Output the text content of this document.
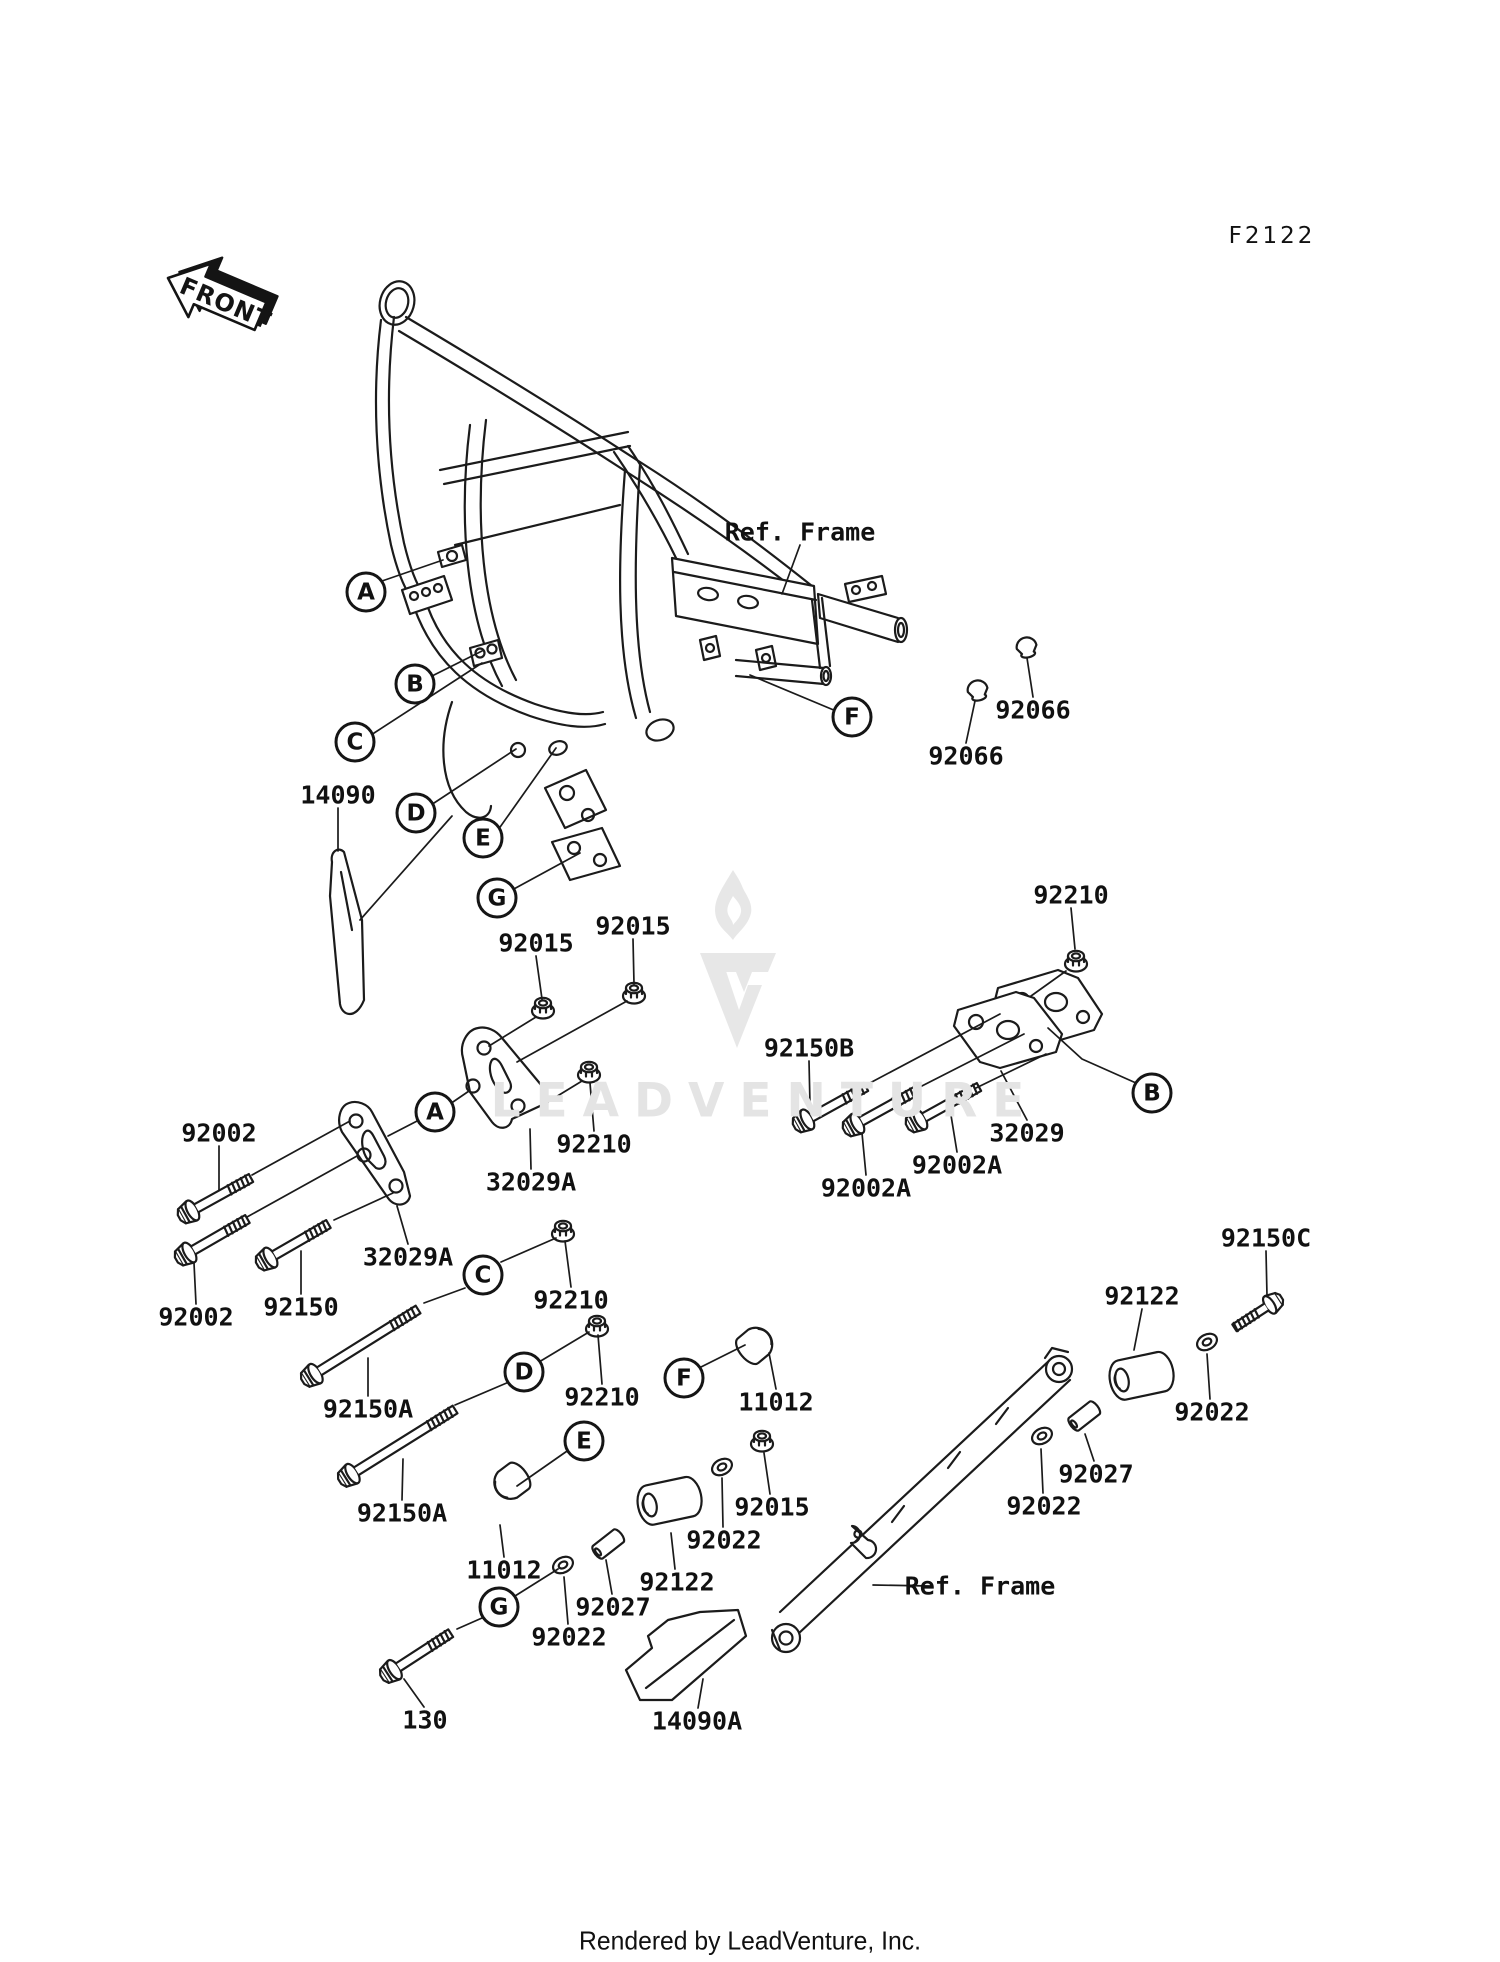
LEADVENTURE
FRONT
F2122
Ref. Frame
92066
92066
14090
92015
92015
92210
92150B
32029
92002A
92002A
92002	92210
32029A
32029A
92002 92150	92210
92150A	92210	11012
92150A	92015
11012
92022
92122
92027
92022
130	14090A
Ref. Frame
92150C
92122
92022
92027
92022
A
B
C
D
E
F
G
A
B
C
D
E
F
G
Rendered by LeadVenture, Inc.
